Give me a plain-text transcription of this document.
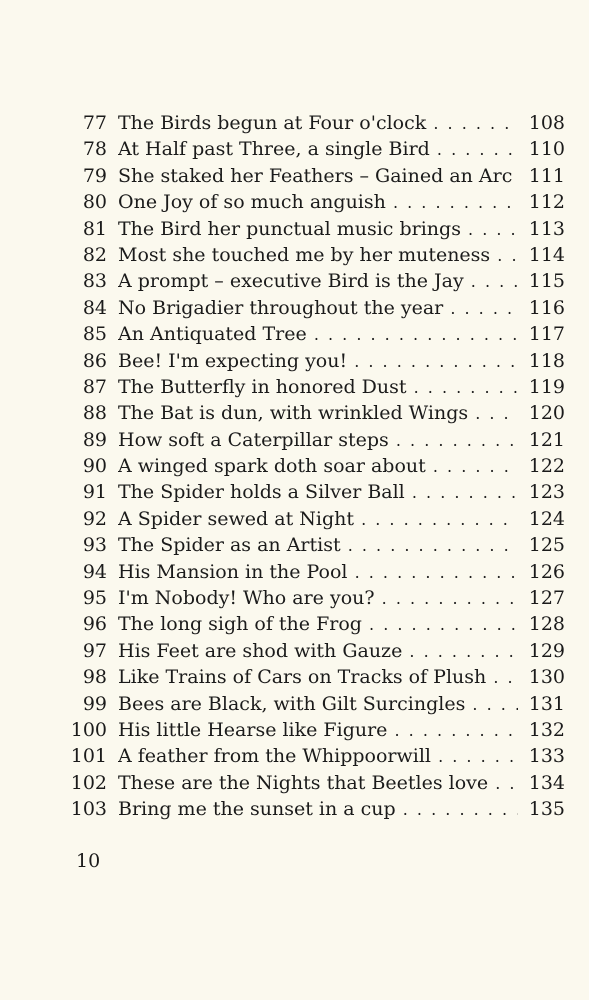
77 The Birds begun at Four o'clock . . .	108
78 At Half past Three, a single Bird . . .	110
79 She staked her Feathers – Gained an Arc . . . 111
80 One Joy of so much anguish . . .	112
81 The Bird her punctual music brings . . .	113
82 Most she touched me by her muteness . . .	114
83 A prompt – executive Bird is the Jay . . .	115
84 No Brigadier throughout the year . . .	116
85 An Antiquated Tree . . .	117
86 Bee! I'm expecting you! . . .	118
87 The Butterfly in honored Dust . . .	119
88 The Bat is dun, with wrinkled Wings . . .	120
89 How soft a Caterpillar steps . . .	121
90 A winged spark doth soar about . . .	122
91 The Spider holds a Silver Ball . . .	123
92 A Spider sewed at Night . . .	124
93 The Spider as an Artist . . .	125
94 His Mansion in the Pool . . .	126
95 I'm Nobody! Who are you? . . .	127
96 The long sigh of the Frog . . .	128
97 His Feet are shod with Gauze . . .	129
98 Like Trains of Cars on Tracks of Plush . . .	130
99 Bees are Black, with Gilt Surcingles . . .	131
100 His little Hearse like Figure . . .	132
101 A feather from the Whippoorwill . . .	133
102 These are the Nights that Beetles love . . .	134
103 Bring me the sunset in a cup . . .	135
10
